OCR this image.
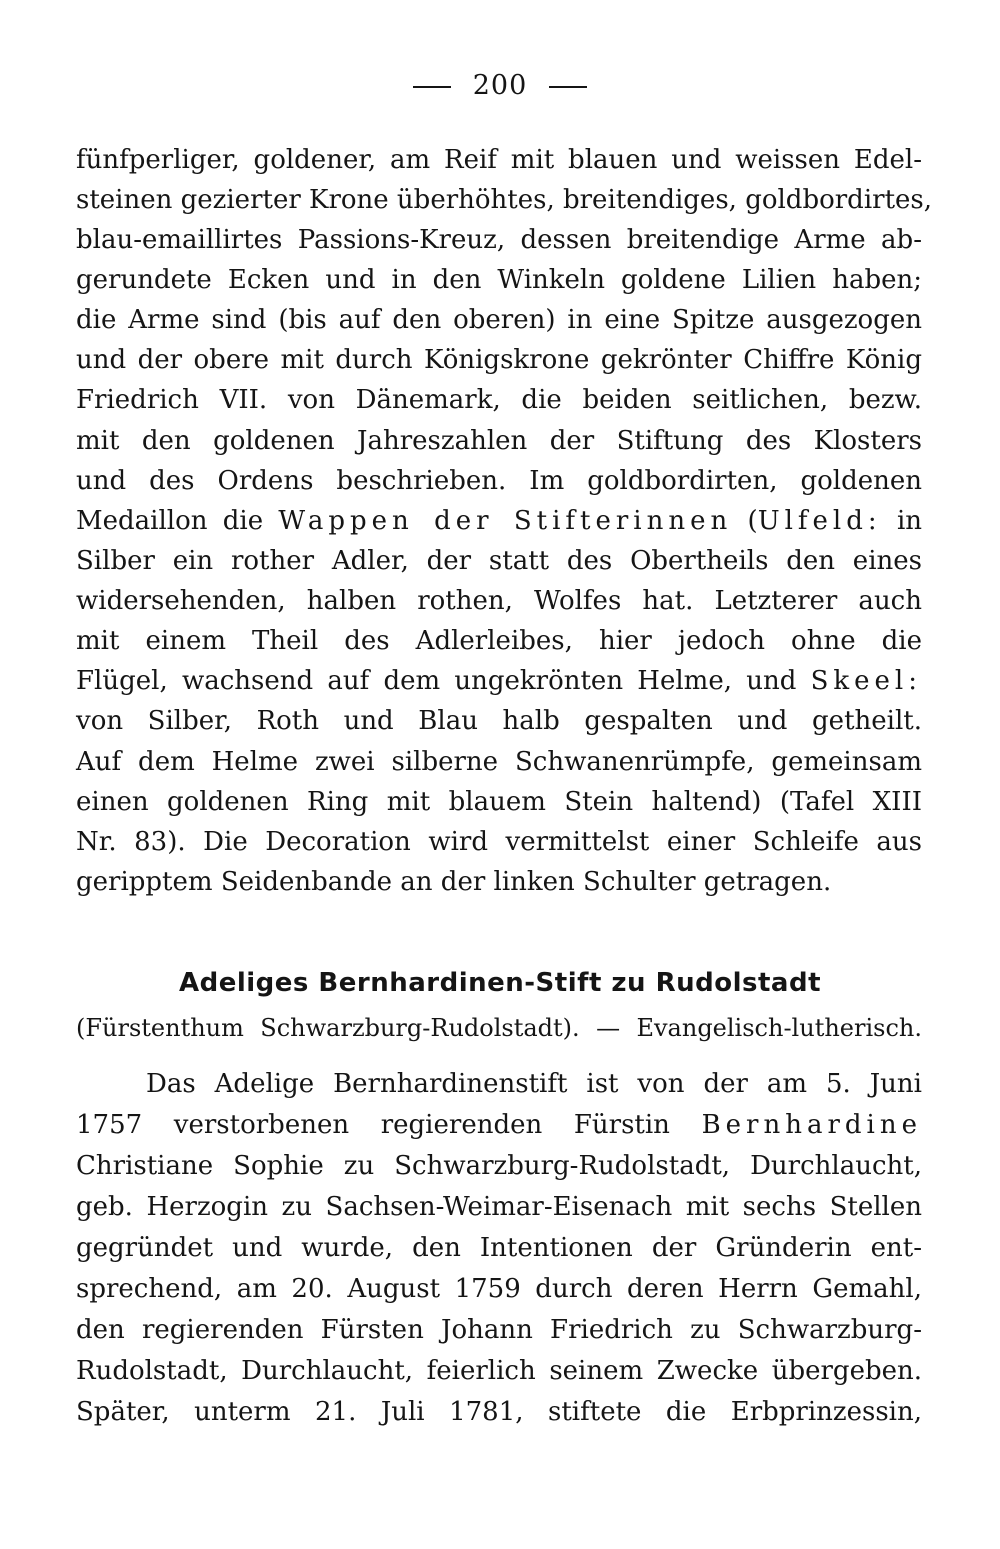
200
fünfperliger, goldener, am Reif mit blauen und weissen Edel-
steinen gezierter Krone überhöhtes, breitendiges, goldbordirtes,
blau-emaillirtes Passions-Kreuz, dessen breitendige Arme ab-
gerundete Ecken und in den Winkeln goldene Lilien haben;
die Arme sind (bis auf den oberen) in eine Spitze ausgezogen
und der obere mit durch Königskrone gekrönter Chiffre König
Friedrich VII. von Dänemark, die beiden seitlichen, bezw.
mit den goldenen Jahreszahlen der Stiftung des Klosters
und des Ordens beschrieben. Im goldbordirten, goldenen
Medaillon die Wappen der Stifterinnen (Ulfeld: in
Silber ein rother Adler, der statt des Obertheils den eines
widersehenden, halben rothen, Wolfes hat. Letzterer auch
mit einem Theil des Adlerleibes, hier jedoch ohne die
Flügel, wachsend auf dem ungekrönten Helme, und Skeel:
von Silber, Roth und Blau halb gespalten und getheilt.
Auf dem Helme zwei silberne Schwanenrümpfe, gemeinsam
einen goldenen Ring mit blauem Stein haltend) (Tafel XIII
Nr. 83). Die Decoration wird vermittelst einer Schleife aus
geripptem Seidenbande an der linken Schulter getragen.
Adeliges Bernhardinen-Stift zu Rudolstadt
(Fürstenthum Schwarzburg-Rudolstadt). — Evangelisch-lutherisch.
Das Adelige Bernhardinenstift ist von der am 5. Juni
1757 verstorbenen regierenden Fürstin Bernhardine
Christiane Sophie zu Schwarzburg-Rudolstadt, Durchlaucht,
geb. Herzogin zu Sachsen-Weimar-Eisenach mit sechs Stellen
gegründet und wurde, den Intentionen der Gründerin ent-
sprechend, am 20. August 1759 durch deren Herrn Gemahl,
den regierenden Fürsten Johann Friedrich zu Schwarzburg-
Rudolstadt, Durchlaucht, feierlich seinem Zwecke übergeben.
Später, unterm 21. Juli 1781, stiftete die Erbprinzessin,
